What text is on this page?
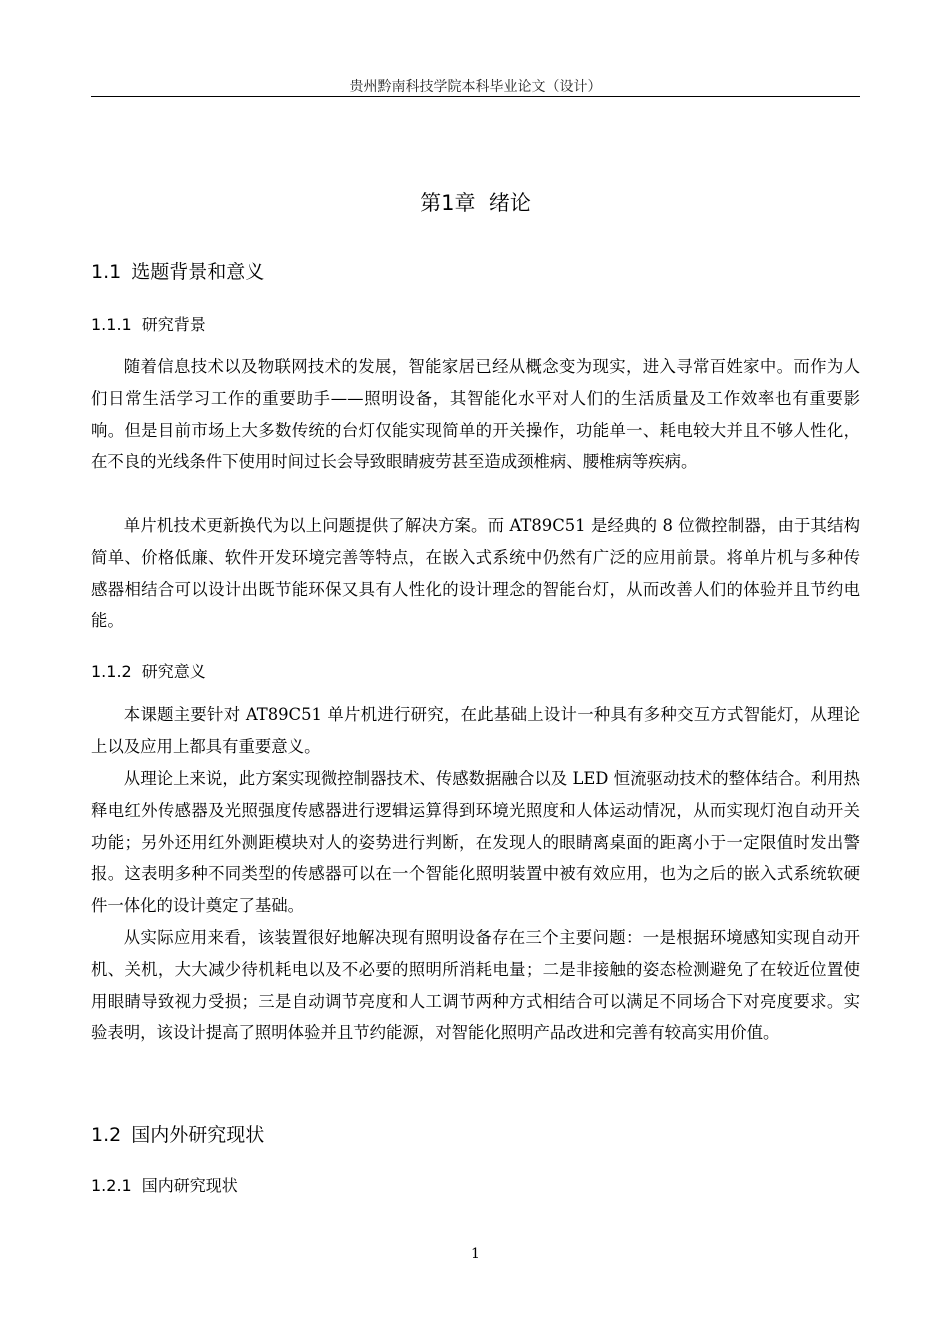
贵州黔南科技学院本科毕业论文（设计）
第1章  绪论
1.1 选题背景和意义
1.1.1 研究背景

随着信息技术以及物联网技术的发展，智能家居已经从概念变为现实，进入寻常百姓家中。而作为人们日常生活学习工作的重要助手——照明设备，其智能化水平对人们的生活质量及工作效率也有重要影响。但是目前市场上大多数传统的台灯仅能实现简单的开关操作，功能单一、耗电较大并且不够人性化，在不良的光线条件下使用时间过长会导致眼睛疲劳甚至造成颈椎病、腰椎病等疾病。

单片机技术更新换代为以上问题提供了解决方案。而 AT89C51 是经典的 8 位微控制器，由于其结构简单、价格低廉、软件开发环境完善等特点，在嵌入式系统中仍然有广泛的应用前景。将单片机与多种传感器相结合可以设计出既节能环保又具有人性化的设计理念的智能台灯，从而改善人们的体验并且节约电能。

1.1.2 研究意义

本课题主要针对 AT89C51 单片机进行研究，在此基础上设计一种具有多种交互方式智能灯，从理论上以及应用上都具有重要意义。

从理论上来说，此方案实现微控制器技术、传感数据融合以及 LED 恒流驱动技术的整体结合。利用热释电红外传感器及光照强度传感器进行逻辑运算得到环境光照度和人体运动情况，从而实现灯泡自动开关功能；另外还用红外测距模块对人的姿势进行判断，在发现人的眼睛离桌面的距离小于一定限值时发出警报。这表明多种不同类型的传感器可以在一个智能化照明装置中被有效应用，也为之后的嵌入式系统软硬件一体化的设计奠定了基础。

从实际应用来看，该装置很好地解决现有照明设备存在三个主要问题：一是根据环境感知实现自动开机、关机，大大减少待机耗电以及不必要的照明所消耗电量；二是非接触的姿态检测避免了在较近位置使用眼睛导致视力受损；三是自动调节亮度和人工调节两种方式相结合可以满足不同场合下对亮度要求。实验表明，该设计提高了照明体验并且节约能源，对智能化照明产品改进和完善有较高实用价值。

1.2 国内外研究现状
1.2.1 国内研究现状
1
